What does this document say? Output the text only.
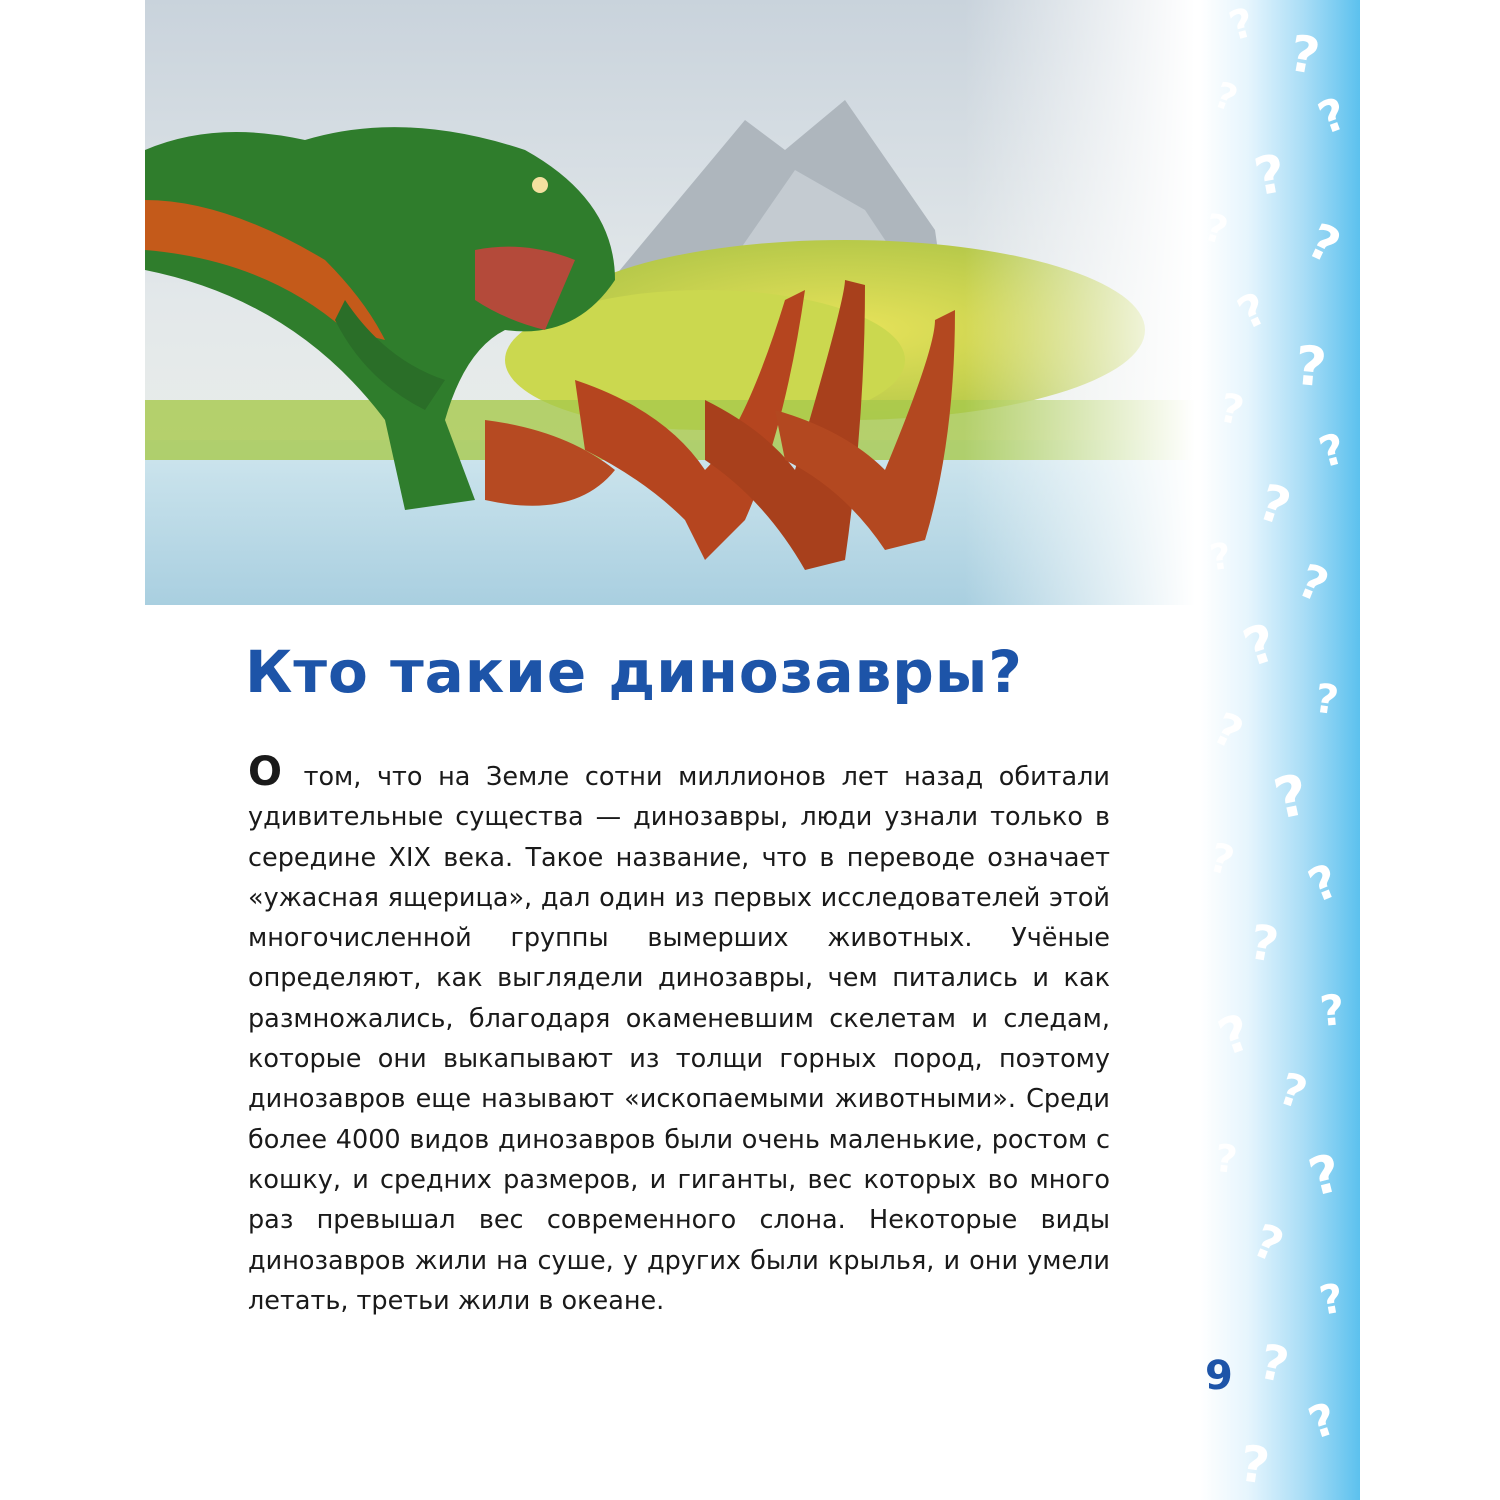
Кто такие динозавры?

О том, что на Земле сотни миллионов лет назад обитали удивительные существа — динозавры, люди узнали только в середине XIX века. Такое название, что в переводе означает «ужасная ящерица», дал один из первых исследователей этой многочисленной группы вымерших животных. Учёные определяют, как выглядели динозавры, чем питались и как размножались, благодаря окаменевшим скелетам и следам, которые они выкапывают из толщи горных пород, поэтому динозавров еще называют «ископаемыми животными». Среди более 4000 видов динозавров были очень маленькие, ростом с кошку, и средних размеров, и гиганты, вес которых во много раз превышал вес современного слона. Некоторые виды динозавров жили на суше, у других были крылья, и они умели летать, третьи жили в океане.

? ?
? ?
?
? ?
?
?
?
?
?
? ?
?
?
?
?
? ?
?
?
?
?
? ?
?
?
?
?
?
9
